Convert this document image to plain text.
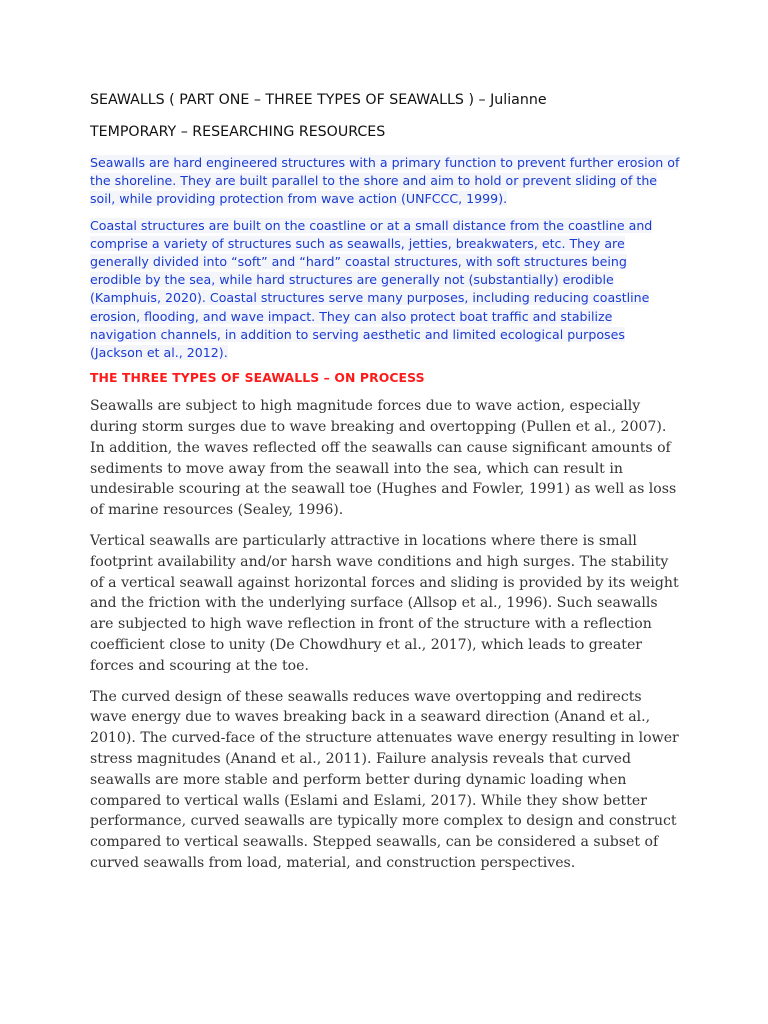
SEAWALLS ( PART ONE – THREE TYPES OF SEAWALLS ) – Julianne
TEMPORARY – RESEARCHING RESOURCES

Seawalls are hard engineered structures with a primary function to prevent further erosion of the shoreline. They are built parallel to the shore and aim to hold or prevent sliding of the soil, while providing protection from wave action (UNFCCC, 1999).

Coastal structures are built on the coastline or at a small distance from the coastline and comprise a variety of structures such as seawalls, jetties, breakwaters, etc. They are generally divided into “soft” and “hard” coastal structures, with soft structures being erodible by the sea, while hard structures are generally not (substantially) erodible (Kamphuis, 2020). Coastal structures serve many purposes, including reducing coastline erosion, flooding, and wave impact. They can also protect boat traffic and stabilize navigation channels, in addition to serving aesthetic and limited ecological purposes (Jackson et al., 2012).

THE THREE TYPES OF SEAWALLS – ON PROCESS

Seawalls are subject to high magnitude forces due to wave action, especially during storm surges due to wave breaking and overtopping (Pullen et al., 2007). In addition, the waves reflected off the seawalls can cause significant amounts of sediments to move away from the seawall into the sea, which can result in undesirable scouring at the seawall toe (Hughes and Fowler, 1991) as well as loss of marine resources (Sealey, 1996).

Vertical seawalls are particularly attractive in locations where there is small footprint availability and/or harsh wave conditions and high surges. The stability of a vertical seawall against horizontal forces and sliding is provided by its weight and the friction with the underlying surface (Allsop et al., 1996). Such seawalls are subjected to high wave reflection in front of the structure with a reflection coefficient close to unity (De Chowdhury et al., 2017), which leads to greater forces and scouring at the toe.

The curved design of these seawalls reduces wave overtopping and redirects wave energy due to waves breaking back in a seaward direction (Anand et al., 2010). The curved-face of the structure attenuates wave energy resulting in lower stress magnitudes (Anand et al., 2011). Failure analysis reveals that curved seawalls are more stable and perform better during dynamic loading when compared to vertical walls (Eslami and Eslami, 2017). While they show better performance, curved seawalls are typically more complex to design and construct compared to vertical seawalls. Stepped seawalls, can be considered a subset of curved seawalls from load, material, and construction perspectives.
